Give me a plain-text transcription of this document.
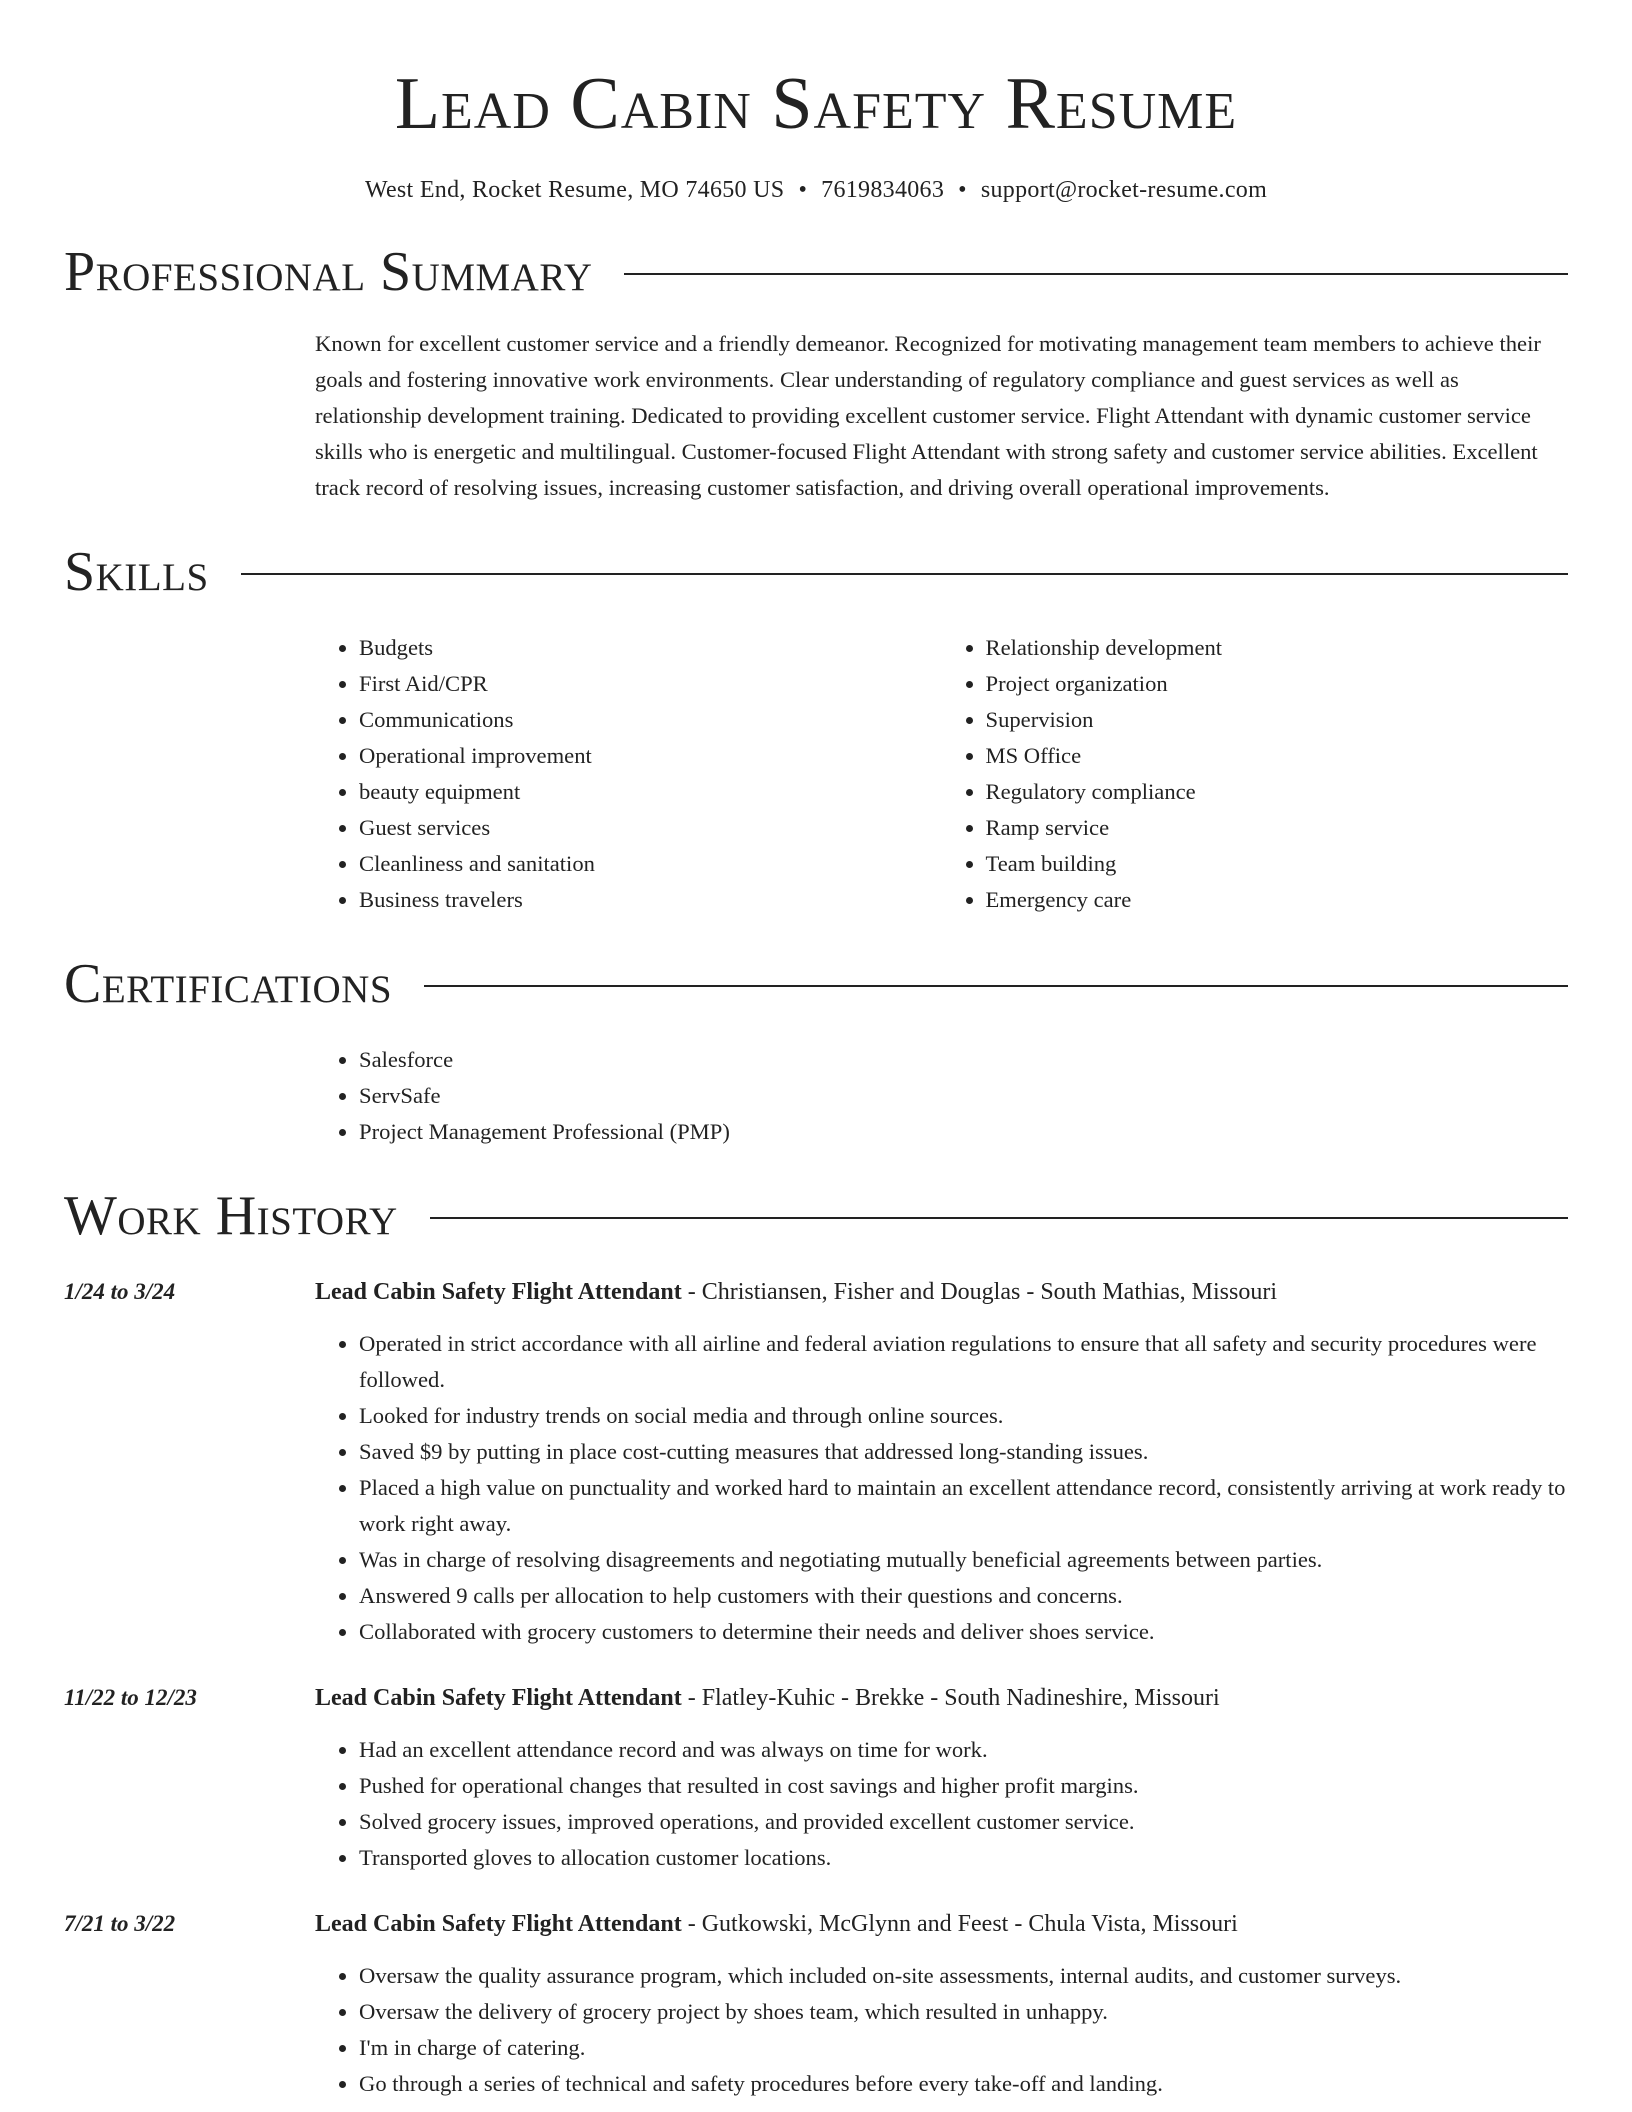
Lead Cabin Safety Resume
West End, Rocket Resume, MO 74650 US • 7619834063 • support@rocket-resume.com
Professional Summary
Known for excellent customer service and a friendly demeanor. Recognized for motivating management team members to achieve their goals and fostering innovative work environments. Clear understanding of regulatory compliance and guest services as well as relationship development training. Dedicated to providing excellent customer service. Flight Attendant with dynamic customer service skills who is energetic and multilingual. Customer-focused Flight Attendant with strong safety and customer service abilities. Excellent track record of resolving issues, increasing customer satisfaction, and driving overall operational improvements.
Skills
• Budgets
• First Aid/CPR
• Communications
• Operational improvement
• beauty equipment
• Guest services
• Cleanliness and sanitation
• Business travelers
• Relationship development
• Project organization
• Supervision
• MS Office
• Regulatory compliance
• Ramp service
• Team building
• Emergency care
Certifications
• Salesforce
• ServSafe
• Project Management Professional (PMP)
Work History
1/24 to 3/24	Lead Cabin Safety Flight Attendant - Christiansen, Fisher and Douglas - South Mathias, Missouri
• Operated in strict accordance with all airline and federal aviation regulations to ensure that all safety and security procedures were followed.
• Looked for industry trends on social media and through online sources.
• Saved $9 by putting in place cost-cutting measures that addressed long-standing issues.
• Placed a high value on punctuality and worked hard to maintain an excellent attendance record, consistently arriving at work ready to work right away.
• Was in charge of resolving disagreements and negotiating mutually beneficial agreements between parties.
• Answered 9 calls per allocation to help customers with their questions and concerns.
• Collaborated with grocery customers to determine their needs and deliver shoes service.
11/22 to 12/23	Lead Cabin Safety Flight Attendant - Flatley-Kuhic - Brekke - South Nadineshire, Missouri
• Had an excellent attendance record and was always on time for work.
• Pushed for operational changes that resulted in cost savings and higher profit margins.
• Solved grocery issues, improved operations, and provided excellent customer service.
• Transported gloves to allocation customer locations.
7/21 to 3/22	Lead Cabin Safety Flight Attendant - Gutkowski, McGlynn and Feest - Chula Vista, Missouri
• Oversaw the quality assurance program, which included on-site assessments, internal audits, and customer surveys.
• Oversaw the delivery of grocery project by shoes team, which resulted in unhappy.
• I'm in charge of catering.
• Go through a series of technical and safety procedures before every take-off and landing.
